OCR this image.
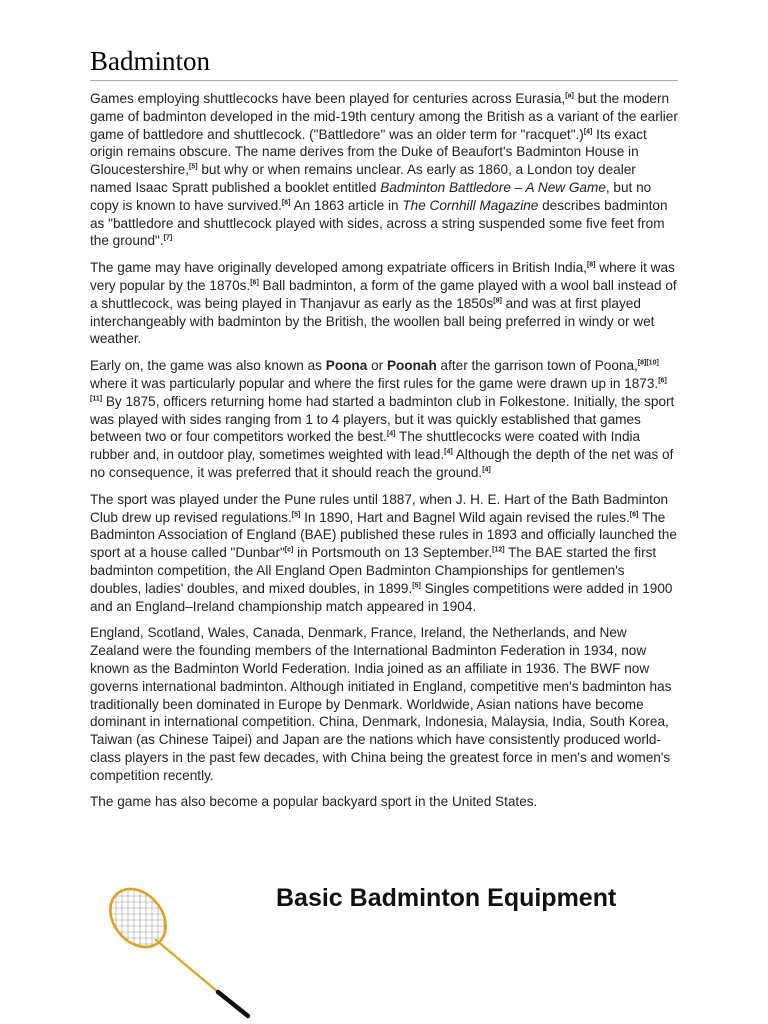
Badminton

Games employing shuttlecocks have been played for centuries across Eurasia,[a] but the modern game of badminton developed in the mid-19th century among the British as a variant of the earlier game of battledore and shuttlecock. ("Battledore" was an older term for "racquet".)[4] Its exact origin remains obscure. The name derives from the Duke of Beaufort's Badminton House in Gloucestershire,[5] but why or when remains unclear. As early as 1860, a London toy dealer named Isaac Spratt published a booklet entitled Badminton Battledore – A New Game, but no copy is known to have survived.[6] An 1863 article in The Cornhill Magazine describes badminton as "battledore and shuttlecock played with sides, across a string suspended some five feet from the ground".[7]

The game may have originally developed among expatriate officers in British India,[8] where it was very popular by the 1870s.[6] Ball badminton, a form of the game played with a wool ball instead of a shuttlecock, was being played in Thanjavur as early as the 1850s[9] and was at first played interchangeably with badminton by the British, the woollen ball being preferred in windy or wet weather.

Early on, the game was also known as Poona or Poonah after the garrison town of Poona,[8][10] where it was particularly popular and where the first rules for the game were drawn up in 1873.[6][11] By 1875, officers returning home had started a badminton club in Folkestone. Initially, the sport was played with sides ranging from 1 to 4 players, but it was quickly established that games between two or four competitors worked the best.[4] The shuttlecocks were coated with India rubber and, in outdoor play, sometimes weighted with lead.[4] Although the depth of the net was of no consequence, it was preferred that it should reach the ground.[4]

The sport was played under the Pune rules until 1887, when J. H. E. Hart of the Bath Badminton Club drew up revised regulations.[5] In 1890, Hart and Bagnel Wild again revised the rules.[6] The Badminton Association of England (BAE) published these rules in 1893 and officially launched the sport at a house called "Dunbar"[c] in Portsmouth on 13 September.[12] The BAE started the first badminton competition, the All England Open Badminton Championships for gentlemen's doubles, ladies' doubles, and mixed doubles, in 1899.[5] Singles competitions were added in 1900 and an England–Ireland championship match appeared in 1904.

England, Scotland, Wales, Canada, Denmark, France, Ireland, the Netherlands, and New Zealand were the founding members of the International Badminton Federation in 1934, now known as the Badminton World Federation. India joined as an affiliate in 1936. The BWF now governs international badminton. Although initiated in England, competitive men's badminton has traditionally been dominated in Europe by Denmark. Worldwide, Asian nations have become dominant in international competition. China, Denmark, Indonesia, Malaysia, India, South Korea, Taiwan (as Chinese Taipei) and Japan are the nations which have consistently produced world-class players in the past few decades, with China being the greatest force in men's and women's competition recently.

The game has also become a popular backyard sport in the United States.

Basic Badminton Equipment
